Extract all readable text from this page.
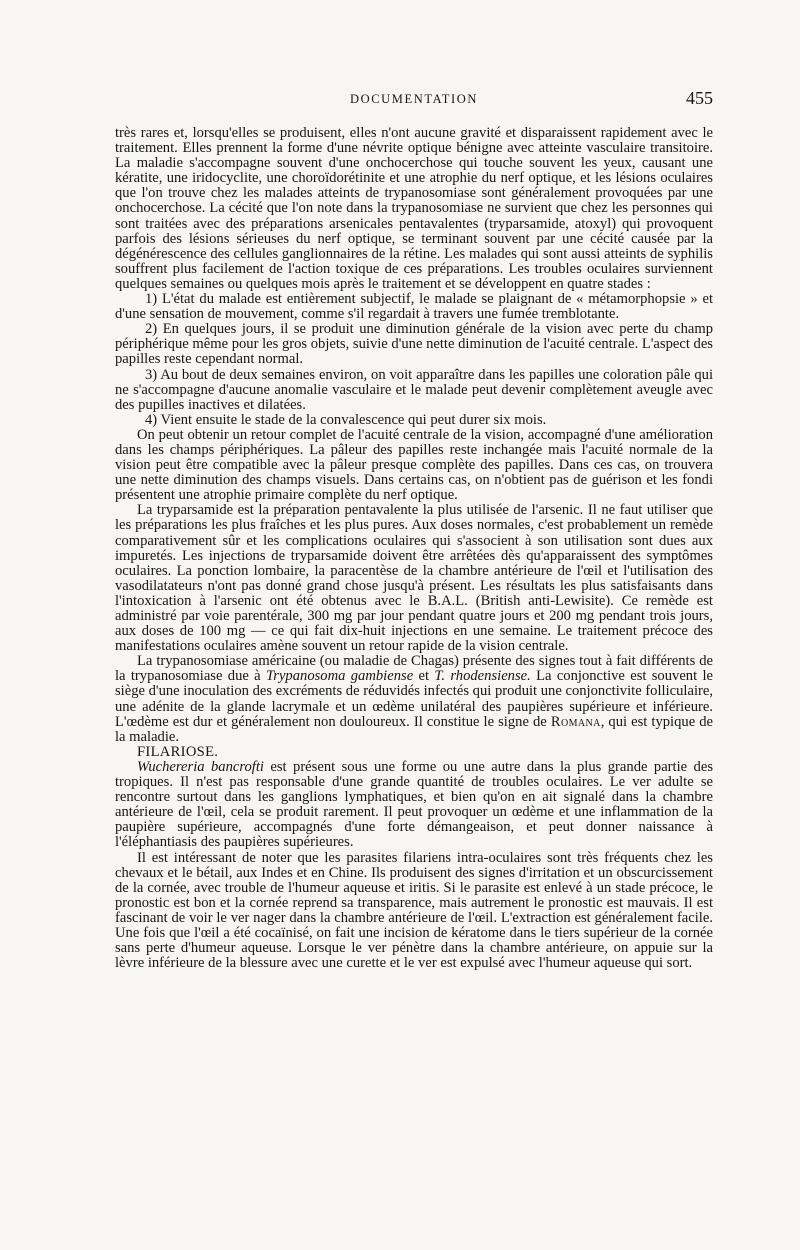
DOCUMENTATION	455

très rares et, lorsqu'elles se produisent, elles n'ont aucune gravité et disparaissent rapidement avec le traitement. Elles prennent la forme d'une névrite optique bénigne avec atteinte vasculaire transitoire. La maladie s'accompagne souvent d'une onchocerchose qui touche souvent les yeux, causant une kératite, une iridocyclite, une choroïdorétinite et une atrophie du nerf optique, et les lésions oculaires que l'on trouve chez les malades atteints de trypanosomiase sont généralement provoquées par une onchocerchose. La cécité que l'on note dans la trypanosomiase ne survient que chez les personnes qui sont traitées avec des préparations arsenicales pentavalentes (tryparsamide, atoxyl) qui provoquent parfois des lésions sérieuses du nerf optique, se terminant souvent par une cécité causée par la dégénérescence des cellules ganglionnaires de la rétine. Les malades qui sont aussi atteints de syphilis souffrent plus facilement de l'action toxique de ces préparations. Les troubles oculaires surviennent quelques semaines ou quelques mois après le traitement et se développent en quatre stades :

1) L'état du malade est entièrement subjectif, le malade se plaignant de « métamorphopsie » et d'une sensation de mouvement, comme s'il regardait à travers une fumée tremblotante.

2) En quelques jours, il se produit une diminution générale de la vision avec perte du champ périphérique même pour les gros objets, suivie d'une nette diminution de l'acuité centrale. L'aspect des papilles reste cependant normal.

3) Au bout de deux semaines environ, on voit apparaître dans les papilles une coloration pâle qui ne s'accompagne d'aucune anomalie vasculaire et le malade peut devenir complètement aveugle avec des pupilles inactives et dilatées.

4) Vient ensuite le stade de la convalescence qui peut durer six mois.

On peut obtenir un retour complet de l'acuité centrale de la vision, accompagné d'une amélioration dans les champs périphériques. La pâleur des papilles reste inchangée mais l'acuité normale de la vision peut être compatible avec la pâleur presque complète des papilles. Dans ces cas, on trouvera une nette diminution des champs visuels. Dans certains cas, on n'obtient pas de guérison et les fondi présentent une atrophie primaire complète du nerf optique.

La tryparsamide est la préparation pentavalente la plus utilisée de l'arsenic. Il ne faut utiliser que les préparations les plus fraîches et les plus pures. Aux doses normales, c'est probablement un remède comparativement sûr et les complications oculaires qui s'associent à son utilisation sont dues aux impuretés. Les injections de tryparsamide doivent être arrêtées dès qu'apparaissent des symptômes oculaires. La ponction lombaire, la paracentèse de la chambre antérieure de l'œil et l'utilisation des vasodilatateurs n'ont pas donné grand chose jusqu'à présent. Les résultats les plus satisfaisants dans l'intoxication à l'arsenic ont été obtenus avec le B.A.L. (British anti-Lewisite). Ce remède est administré par voie parentérale, 300 mg par jour pendant quatre jours et 200 mg pendant trois jours, aux doses de 100 mg — ce qui fait dix-huit injections en une semaine. Le traitement précoce des manifestations oculaires amène souvent un retour rapide de la vision centrale.

La trypanosomiase américaine (ou maladie de Chagas) présente des signes tout à fait différents de la trypanosomiase due à Trypanosoma gambiense et T. rhodensiense. La conjonctive est souvent le siège d'une inoculation des excréments de réduvidés infectés qui produit une conjonctivite folliculaire, une adénite de la glande lacrymale et un œdème unilatéral des paupières supérieure et inférieure. L'œdème est dur et généralement non douloureux. Il constitue le signe de Romana, qui est typique de la maladie.

FILARIOSE.

Wuchereria bancrofti est présent sous une forme ou une autre dans la plus grande partie des tropiques. Il n'est pas responsable d'une grande quantité de troubles oculaires. Le ver adulte se rencontre surtout dans les ganglions lymphatiques, et bien qu'on en ait signalé dans la chambre antérieure de l'œil, cela se produit rarement. Il peut provoquer un œdème et une inflammation de la paupière supérieure, accompagnés d'une forte démangeaison, et peut donner naissance à l'éléphantiasis des paupières supérieures.

Il est intéressant de noter que les parasites filariens intra-oculaires sont très fréquents chez les chevaux et le bétail, aux Indes et en Chine. Ils produisent des signes d'irritation et un obscurcissement de la cornée, avec trouble de l'humeur aqueuse et iritis. Si le parasite est enlevé à un stade précoce, le pronostic est bon et la cornée reprend sa transparence, mais autrement le pronostic est mauvais. Il est fascinant de voir le ver nager dans la chambre antérieure de l'œil. L'extraction est généralement facile. Une fois que l'œil a été cocaïnisé, on fait une incision de kératome dans le tiers supérieur de la cornée sans perte d'humeur aqueuse. Lorsque le ver pénètre dans la chambre antérieure, on appuie sur la lèvre inférieure de la blessure avec une curette et le ver est expulsé avec l'humeur aqueuse qui sort.
